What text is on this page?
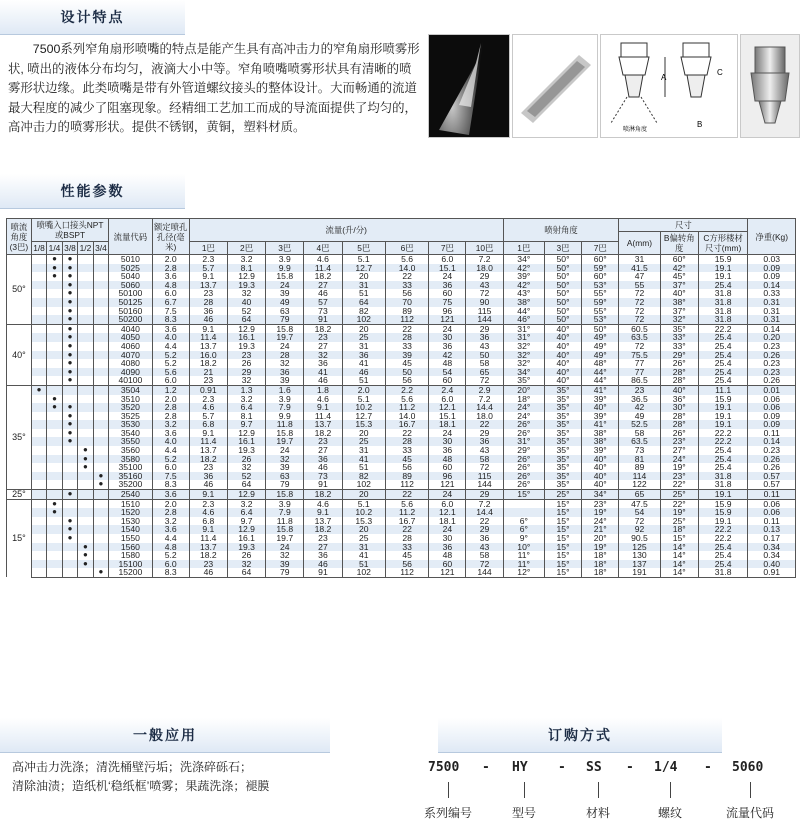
设计特点
7500系列窄角扇形喷嘴的特点是能产生具有高冲击力的窄角扇形喷雾形状, 喷出的液体分布均匀，液滴大小中等。窄角喷嘴喷雾形状具有清晰的喷雾形状边缘。此类喷嘴是带有外管道螺纹接头的整体设计。大而畅通的流道最大程度的减少了阻塞现象。经精细工艺加工而成的导流面提供了均匀的，高冲击力的喷雾形状。提供不锈钢，黄铜，塑料材质。
A
C
B
喷淋角度
性能参数
喷流角度(3巴)	喷嘴入口接头NPT或BSPT					流量代码	额定喷孔孔径(毫米)	流量(升/分)								喷射角度			尺寸			净重(Kg)
																			A(mm)	B偏转角度	C方形楼材尺寸(mm)	
	1/8	1/4	3/8	1/2	3/4			1巴	2巴	3巴	4巴	5巴	6巴	7巴	10巴	1巴	3巴	7巴				
50°		●	●			5010	2.0	2.3	3.2	3.9	4.6	5.1	5.6	6.0	7.2	34°	50°	60°	31	60°	15.9	0.03
		●	●			5025	2.8	5.7	8.1	9.9	11.4	12.7	14.0	15.1	18.0	42°	50°	59°	41.5	42°	19.1	0.09
		●	●			5040	3.6	9.1	12.9	15.8	18.2	20	22	24	29	39°	50°	60°	47	45°	19.1	0.09
			●			5060	4.8	13.7	19.3	24	27	31	33	36	43	42°	50°	53°	55	37°	25.4	0.14
			●			50100	6.0	23	32	39	46	51	56	60	72	43°	50°	55°	72	40°	31.8	0.33
			●			50125	6.7	28	40	49	57	64	70	75	90	38°	50°	59°	72	38°	31.8	0.31
			●			50160	7.5	36	52	63	73	82	89	96	115	44°	50°	55°	72	37°	31.8	0.31
			●			50200	8.3	46	64	79	91	102	112	121	144	46°	50°	53°	72	32°	31.8	0.31
40°			●			4040	3.6	9.1	12.9	15.8	18.2	20	22	24	29	31°	40°	50°	60.5	35°	22.2	0.14
			●			4050	4.0	11.4	16.1	19.7	23	25	28	30	36	31°	40°	49°	63.5	33°	25.4	0.20
			●			4060	4.4	13.7	19.3	24	27	31	33	36	43	32°	40°	49°	72	33°	25.4	0.23
			●			4070	5.2	16.0	23	28	32	36	39	42	50	32°	40°	49°	75.5	29°	25.4	0.26
			●			4080	5.2	18.2	26	32	36	41	45	48	58	32°	40°	48°	77	26°	25.4	0.23
			●			4090	5.6	21	29	36	41	46	50	54	65	34°	40°	44°	77	28°	25.4	0.23
			●			40100	6.0	23	32	39	46	51	56	60	72	35°	40°	44°	86.5	28°	25.4	0.26
35°	●					3504	1.2	0.91	1.3	1.6	1.8	2.0	2.2	2.4	2.9	20°	35°	41°	23	40°	11.1	0.01
		●				3510	2.0	2.3	3.2	3.9	4.6	5.1	5.6	6.0	7.2	18°	35°	39°	36.5	36°	15.9	0.06
		●	●			3520	2.8	4.6	6.4	7.9	9.1	10.2	11.2	12.1	14.4	24°	35°	40°	42	30°	19.1	0.06
			●			3525	2.8	5.7	8.1	9.9	11.4	12.7	14.0	15.1	18.0	24°	35°	39°	49	28°	19.1	0.09
			●			3530	3.2	6.8	9.7	11.8	13.7	15.3	16.7	18.1	22	26°	35°	41°	52.5	28°	19.1	0.09
			●			3540	3.6	9.1	12.9	15.8	18.2	20	22	24	29	26°	35°	38°	58	26°	22.2	0.11
			●			3550	4.0	11.4	16.1	19.7	23	25	28	30	36	31°	35°	38°	63.5	23°	22.2	0.14
				●		3560	4.4	13.7	19.3	24	27	31	33	36	43	29°	35°	39°	73	27°	25.4	0.23
				●		3580	5.2	18.2	26	32	36	41	45	48	58	26°	35°	40°	81	24°	25.4	0.26
				●		35100	6.0	23	32	39	46	51	56	60	72	26°	35°	40°	89	19°	25.4	0.26
					●	35160	7.5	36	52	63	73	82	89	96	115	26°	35°	40°	114	23°	31.8	0.57
					●	35200	8.3	46	64	79	91	102	112	121	144	26°	35°	40°	122	22°	31.8	0.57
25°			●			2540	3.6	9.1	12.9	15.8	18.2	20	22	24	29	15°	25°	34°	65	25°	19.1	0.11
15°		●				1510	2.0	2.3	3.2	3.9	4.6	5.1	5.6	6.0	7.2		15°	23°	47.5	22°	15.9	0.06
		●				1520	2.8	4.6	6.4	7.9	9.1	10.2	11.2	12.1	14.4		15°	19°	54	19°	15.9	0.06
			●			1530	3.2	6.8	9.7	11.8	13.7	15.3	16.7	18.1	22	6°	15°	24°	72	25°	19.1	0.11
			●			1540	3.6	9.1	12.9	15.8	18.2	20	22	24	29	6°	15°	21°	92	18°	22.2	0.13
			●			1550	4.4	11.4	16.1	19.7	23	25	28	30	36	9°	15°	20°	90.5	15°	22.2	0.17
				●		1560	4.8	13.7	19.3	24	27	31	33	36	43	10°	15°	19°	125	14°	25.4	0.34
				●		1580	5.2	18.2	26	32	36	41	45	48	58	11°	15°	18°	130	14°	25.4	0.34
				●		15100	6.0	23	32	39	46	51	56	60	72	11°	15°	18°	137	14°	25.4	0.40
					●	15200	8.3	46	64	79	91	102	112	121	144	12°	15°	18°	191	14°	31.8	0.91
一般应用
高冲击力洗涤；清洗桶壁污垢；洗涤碎砾石；
清除油渍；造纸机‘稳纸框’喷雾；果蔬洗涤；褪膜
订购方式
7500 - HY - SS - 1/4 - 5060
系列编号	型号	材料	螺纹	流量代码
